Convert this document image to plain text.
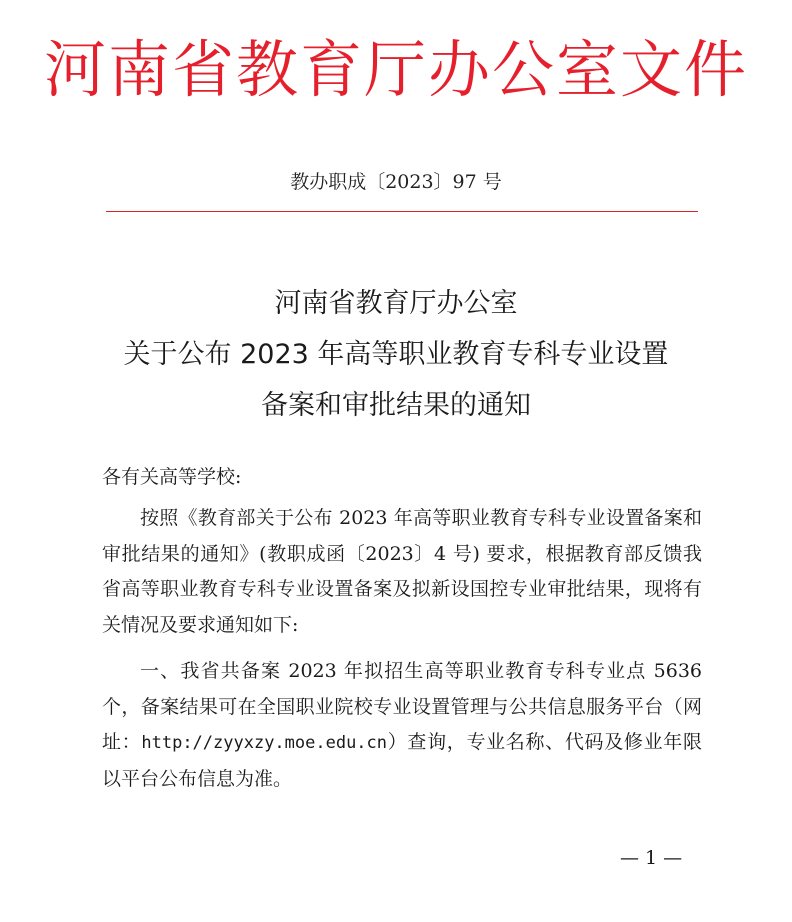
河南省教育厅办公室文件
教办职成〔2023〕97 号
河南省教育厅办公室
关于公布 2023 年高等职业教育专科专业设置
备案和审批结果的通知
各有关高等学校:
按照《教育部关于公布 2023 年高等职业教育专科专业设置备案和审批结果的通知》(教职成函〔2023〕4 号) 要求，根据教育部反馈我省高等职业教育专科专业设置备案及拟新设国控专业审批结果，现将有关情况及要求通知如下:
一、我省共备案 2023 年拟招生高等职业教育专科专业点 5636 个，备案结果可在全国职业院校专业设置管理与公共信息服务平台（网址：http://zyyxzy.moe.edu.cn）查询，专业名称、代码及修业年限以平台公布信息为准。
— 1 —
